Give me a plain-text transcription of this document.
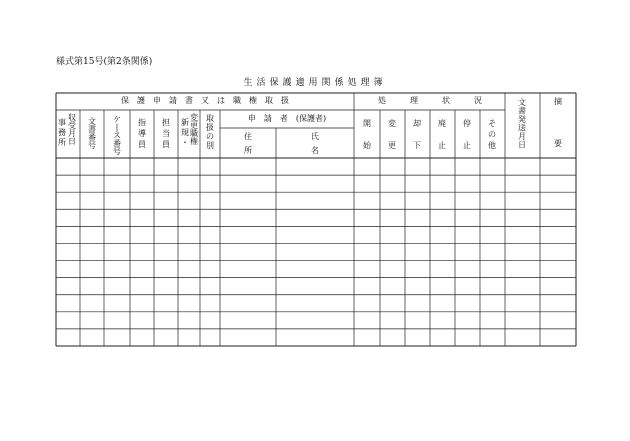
様式第15号(第2条関係)
生活保護適用関係処理簿
保　護　申　請　書　又　は　職　権　取　扱
申　請　者　(保護者)
処　　　理　　　状　　　況
事
務
所
収
受
月
日
文
書
番
号
ケ
|
ス
番
号
指
導
員
担
当
員
新
規
・
変
更
職
権
取
扱
の
別
住
所
氏
名
開
始
変
更
却
下
廃
止
停
止
そ
の
他
文
書
発
送
月
日
摘
要
